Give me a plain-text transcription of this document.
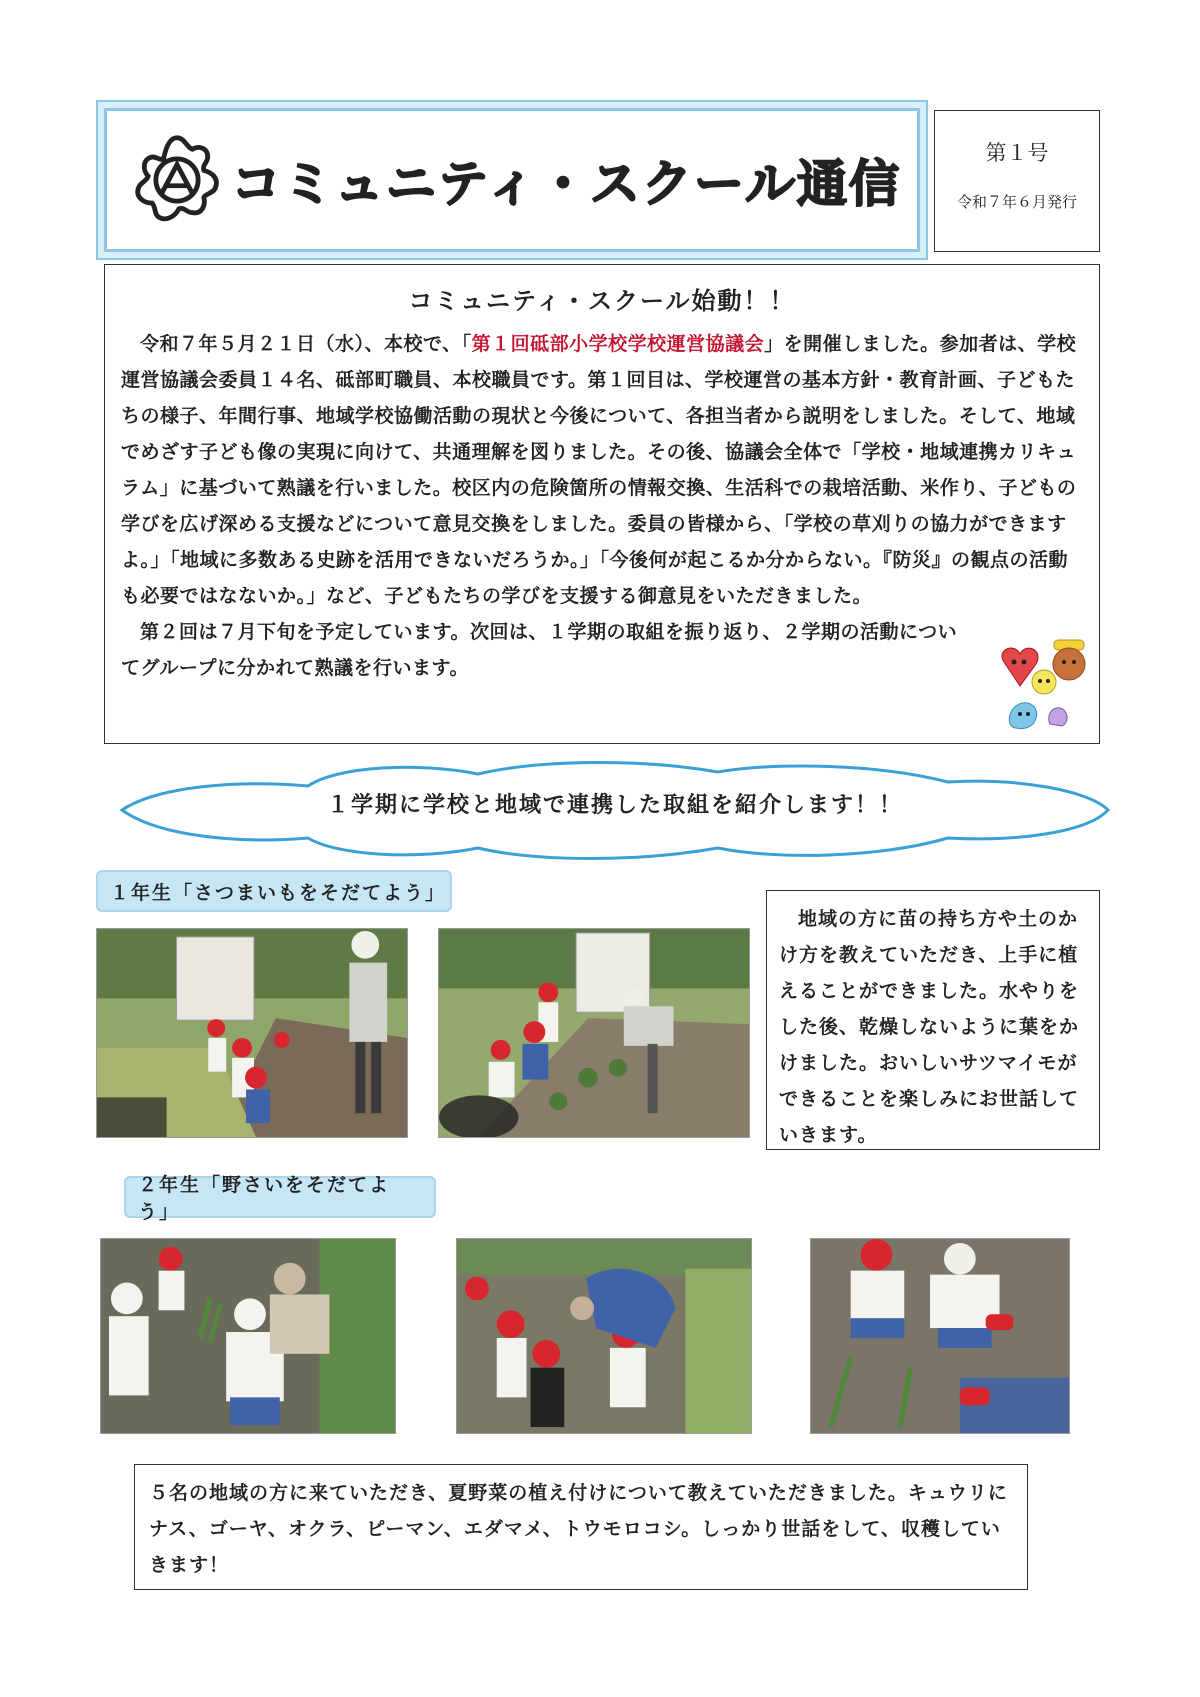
コミュニティ・スクール通信
第１号
令和７年６月発行
コミュニティ・スクール始動！！

令和７年５月２１日（水）、本校で、「第１回砥部小学校学校運営協議会」を開催しました。参加者は、学校運営協議会委員１４名、砥部町職員、本校職員です。第１回目は、学校運営の基本方針・教育計画、子どもたちの様子、年間行事、地域学校協働活動の現状と今後について、各担当者から説明をしました。そして、地域でめざす子ども像の実現に向けて、共通理解を図りました。その後、協議会全体で「学校・地域連携カリキュラム」に基づいて熟議を行いました。校区内の危険箇所の情報交換、生活科での栽培活動、米作り、子どもの学びを広げ深める支援などについて意見交換をしました。委員の皆様から、「学校の草刈りの協力ができますよ。」「地域に多数ある史跡を活用できないだろうか。」「今後何が起こるか分からない。『防災』の観点の活動も必要ではなないか。」など、子どもたちの学びを支援する御意見をいただきました。

第２回は７月下旬を予定しています。次回は、１学期の取組を振り返り、２学期の活動についてグループに分かれて熟議を行います。

１学期に学校と地域で連携した取組を紹介します！！
１年生「さつまいもをそだてよう」

地域の方に苗の持ち方や土のかけ方を教えていただき、上手に植えることができました。水やりをした後、乾燥しないように葉をかけました。おいしいサツマイモができることを楽しみにお世話していきます。

２年生「野さいをそだてよう」

５名の地域の方に来ていただき、夏野菜の植え付けについて教えていただきました。キュウリにナス、ゴーヤ、オクラ、ピーマン、エダマメ、トウモロコシ。しっかり世話をして、収穫していきます！
